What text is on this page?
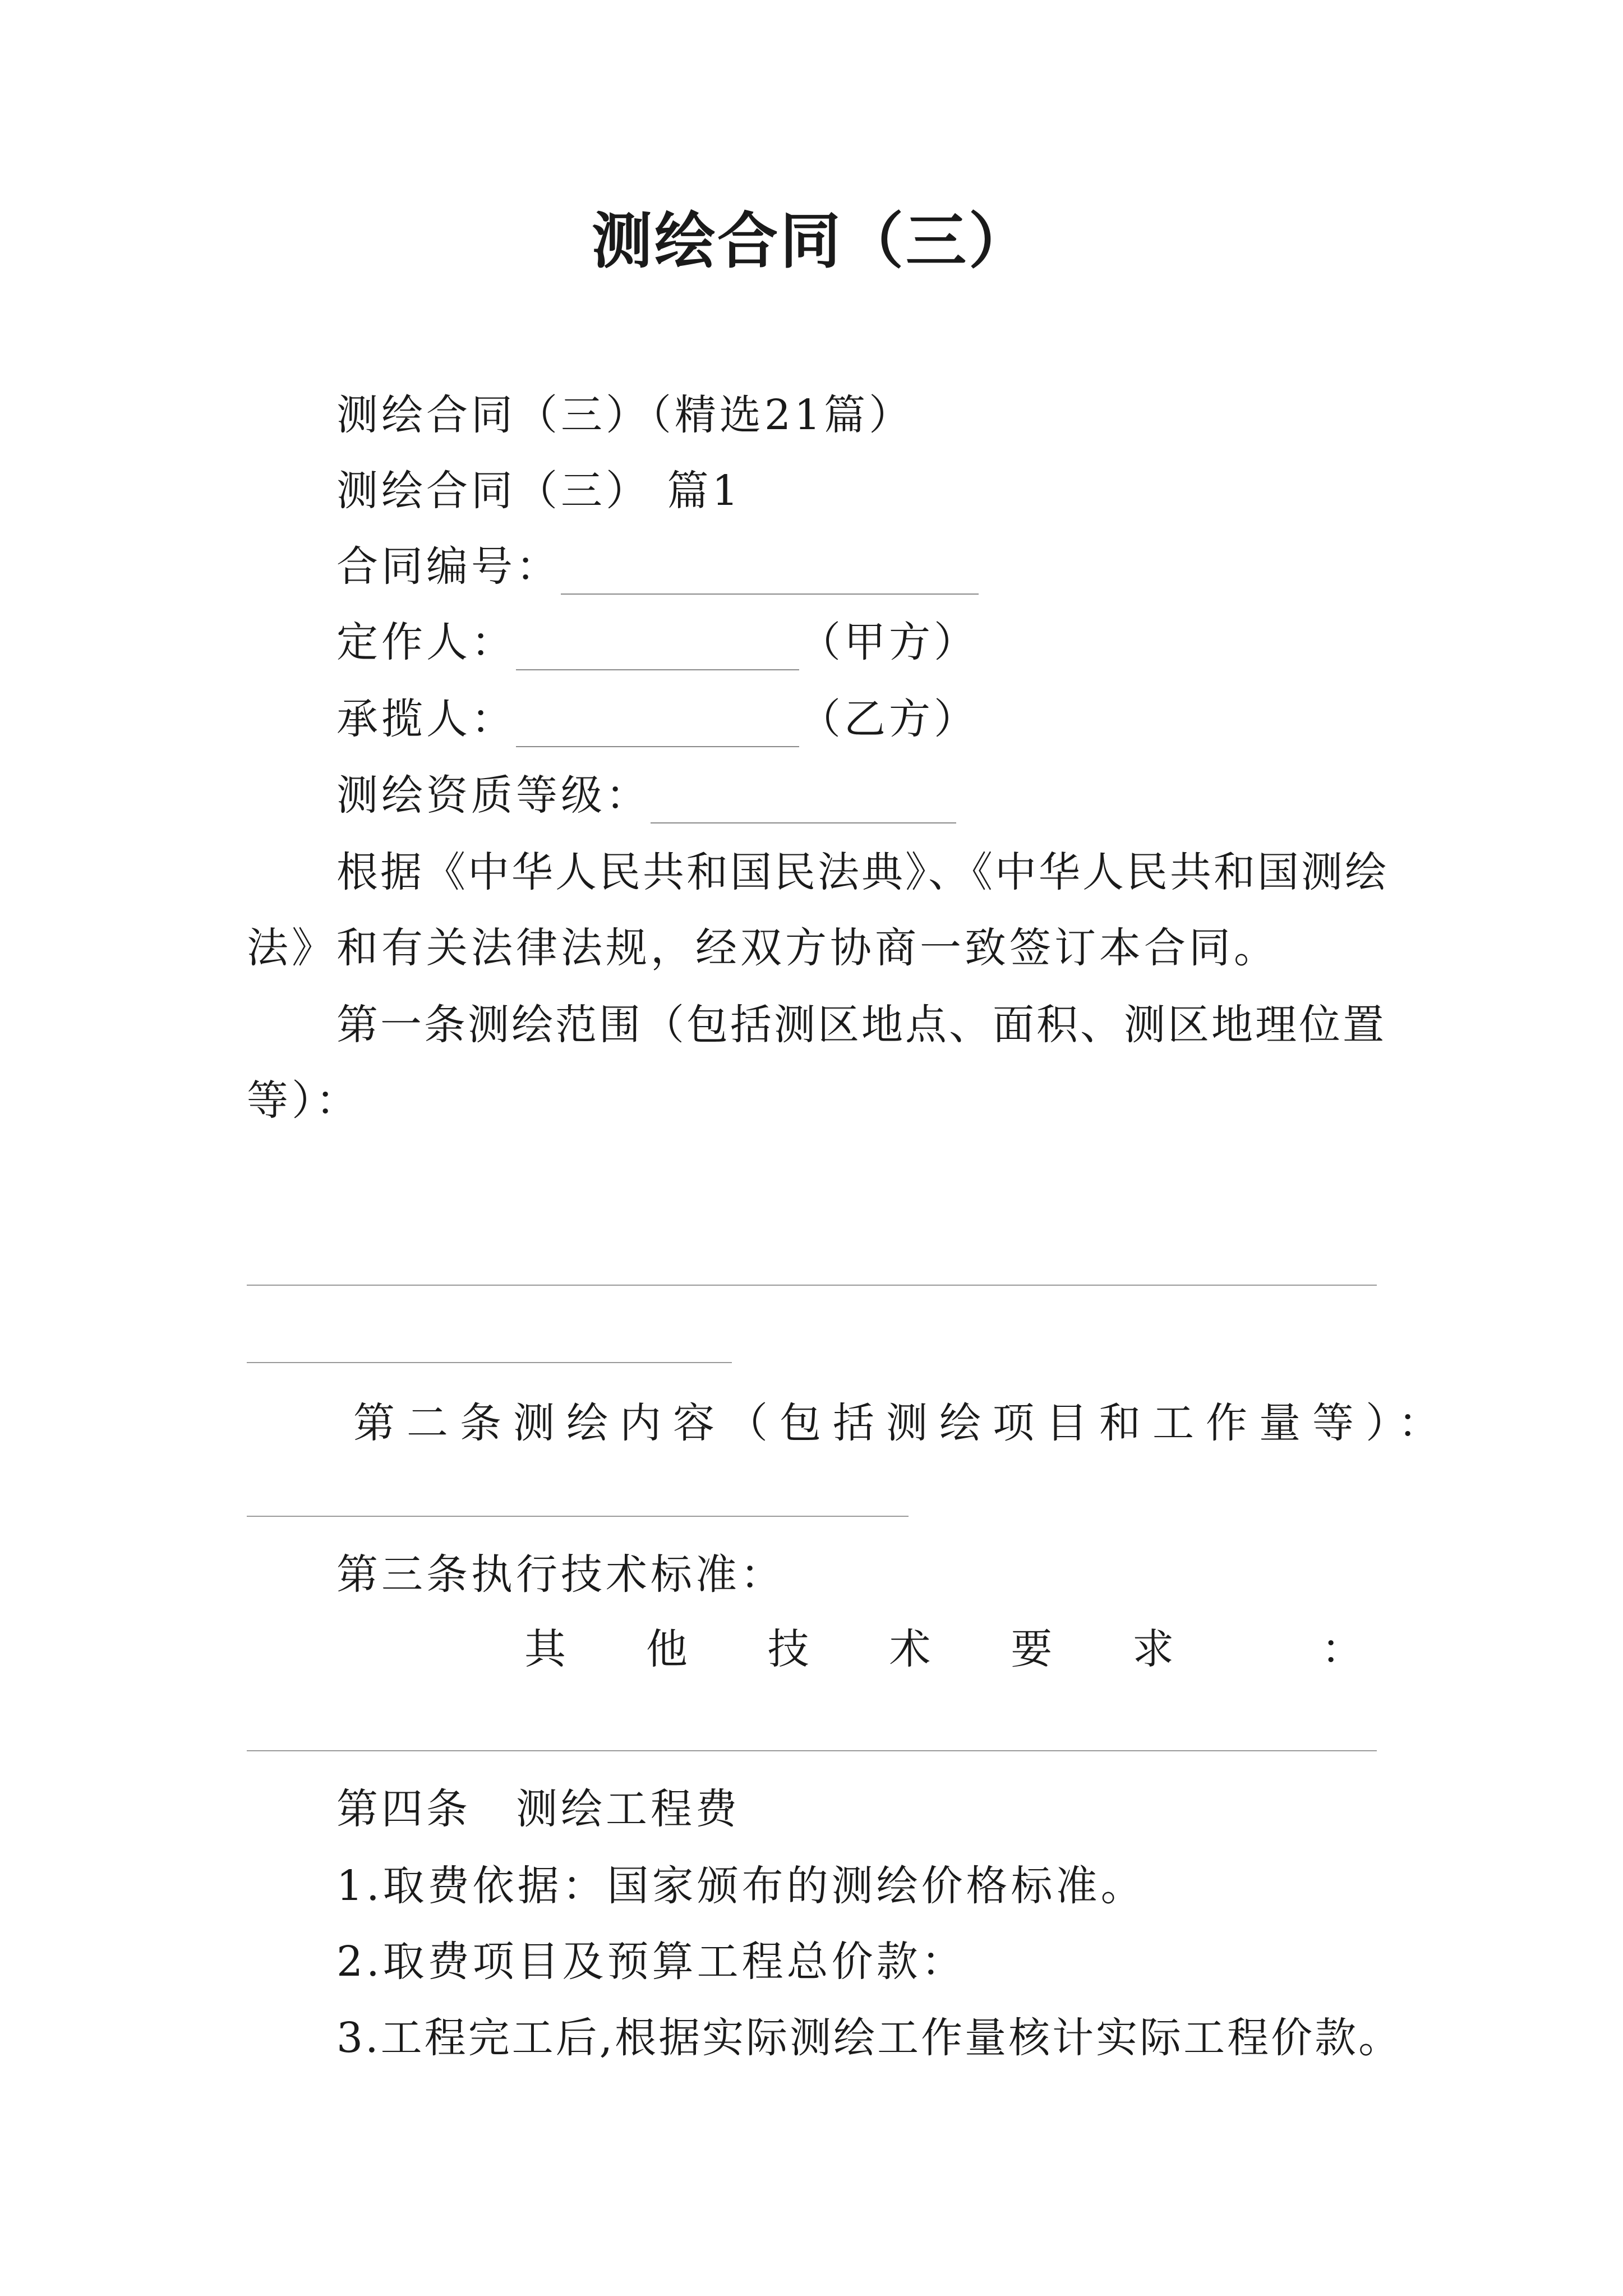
测绘合同（三）
测绘合同（三）（精选21篇）
测绘合同（三） 篇1
合同编号：
定作人：	（甲方）
承揽人：	（乙方）
测绘资质等级：
根据《中华人民共和国民法典》、《中华人民共和国测绘
法》和有关法律法规，经双方协商一致签订本合同。
第一条测绘范围（包括测区地点、面积、测区地理位置
等）：
第二条测绘内容（包括测绘项目和工作量等）：
第三条执行技术标准：
其 他 技 术 要 求	：
第四条　测绘工程费
1.取费依据：国家颁布的测绘价格标准。
2.取费项目及预算工程总价款：
3.工程完工后,根据实际测绘工作量核计实际工程价款。
